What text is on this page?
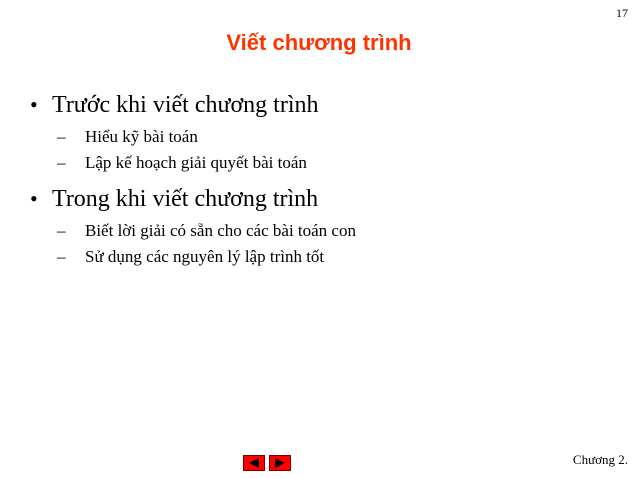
17
Viết chương trình
• Trước khi viết chương trình
–	Hiểu kỹ bài toán
–	Lập kế hoạch giải quyết bài toán
• Trong khi viết chương trình
–	Biết lời giải có sẵn cho các bài toán con
–	Sử dụng các nguyên lý lập trình tốt
Chương 2.
